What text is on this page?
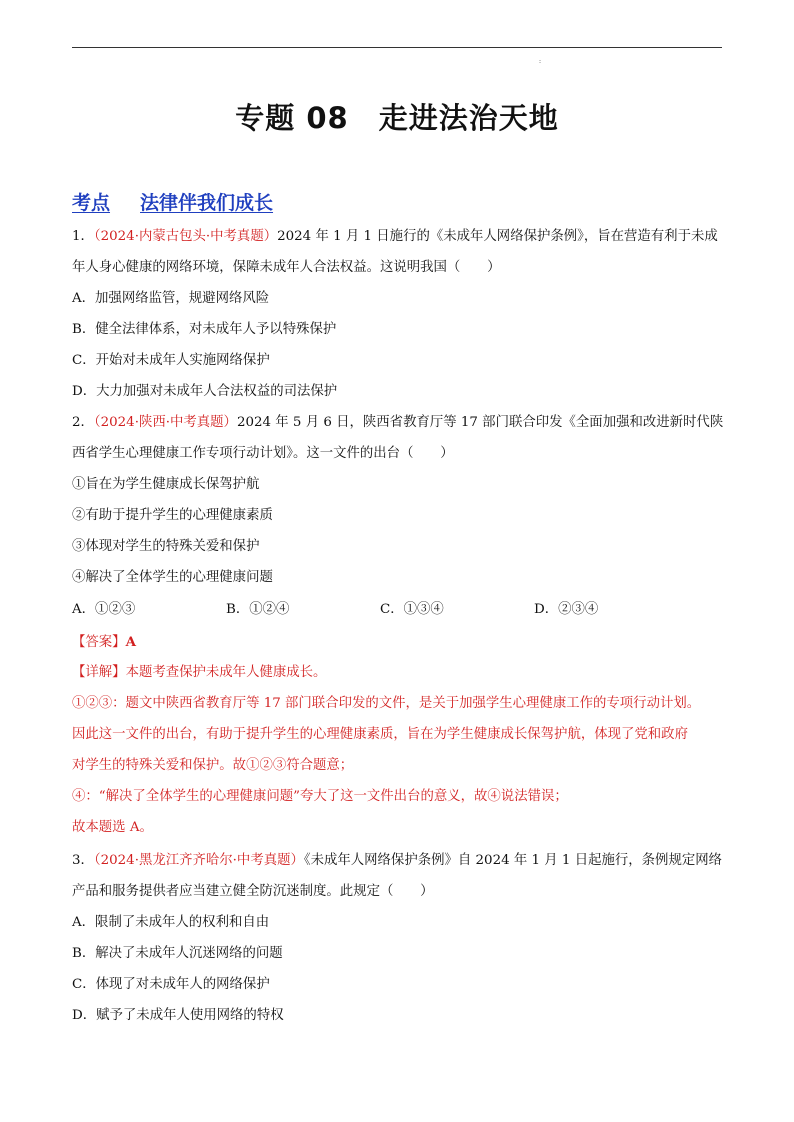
:
专题 08 走进法治天地
考点 法律伴我们成长
1．（2024·内蒙古包头·中考真题）2024 年 1 月 1 日施行的《未成年人网络保护条例》，旨在营造有利于未成
年人身心健康的网络环境，保障未成年人合法权益。这说明我国（　　）
A．加强网络监管，规避网络风险
B．健全法律体系，对未成年人予以特殊保护
C．开始对未成年人实施网络保护
D．大力加强对未成年人合法权益的司法保护
2．（2024·陕西·中考真题）2024 年 5 月 6 日，陕西省教育厅等 17 部门联合印发《全面加强和改进新时代陕
西省学生心理健康工作专项行动计划》。这一文件的出台（　　）
①旨在为学生健康成长保驾护航
②有助于提升学生的心理健康素质
③体现对学生的特殊关爱和保护
④解决了全体学生的心理健康问题
A．①②③	B．①②④	C．①③④	D．②③④
【答案】A
【详解】本题考查保护未成年人健康成长。
①②③：题文中陕西省教育厅等 17 部门联合印发的文件，是关于加强学生心理健康工作的专项行动计划。
因此这一文件的出台，有助于提升学生的心理健康素质，旨在为学生健康成长保驾护航，体现了党和政府
对学生的特殊关爱和保护。故①②③符合题意；
④：“解决了全体学生的心理健康问题”夸大了这一文件出台的意义，故④说法错误；
故本题选 A。
3．（2024·黑龙江齐齐哈尔·中考真题）《未成年人网络保护条例》自 2024 年 1 月 1 日起施行，条例规定网络
产品和服务提供者应当建立健全防沉迷制度。此规定（　　）
A．限制了未成年人的权利和自由
B．解决了未成年人沉迷网络的问题
C．体现了对未成年人的网络保护
D．赋予了未成年人使用网络的特权
